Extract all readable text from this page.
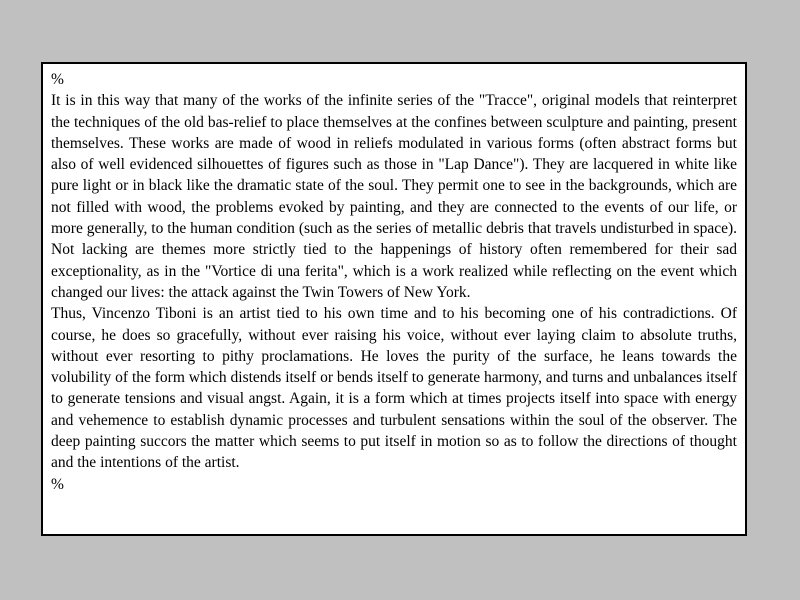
%

It is in this way that many of the works of the infinite series of the "Tracce", original models that reinterpret the techniques of the old bas-relief to place themselves at the confines between sculpture and painting, present themselves. These works are made of wood in reliefs modulated in various forms (often abstract forms but also of well evidenced silhouettes of figures such as those in "Lap Dance"). They are lacquered in white like pure light or in black like the dramatic state of the soul. They permit one to see in the backgrounds, which are not filled with wood, the problems evoked by painting, and they are connected to the events of our life, or more generally, to the human condition (such as the series of metallic debris that travels undisturbed in space). Not lacking are themes more strictly tied to the happenings of history often remembered for their sad exceptionality, as in the "Vortice di una ferita", which is a work realized while reflecting on the event which changed our lives: the attack against the Twin Towers of New York.

Thus, Vincenzo Tiboni is an artist tied to his own time and to his becoming one of his contradictions. Of course, he does so gracefully, without ever raising his voice, without ever laying claim to absolute truths, without ever resorting to pithy proclamations. He loves the purity of the surface, he leans towards the volubility of the form which distends itself or bends itself to generate harmony, and turns and unbalances itself to generate tensions and visual angst. Again, it is a form which at times projects itself into space with energy and vehemence to establish dynamic processes and turbulent sensations within the soul of the observer. The deep painting succors the matter which seems to put itself in motion so as to follow the directions of thought and the intentions of the artist.

%
